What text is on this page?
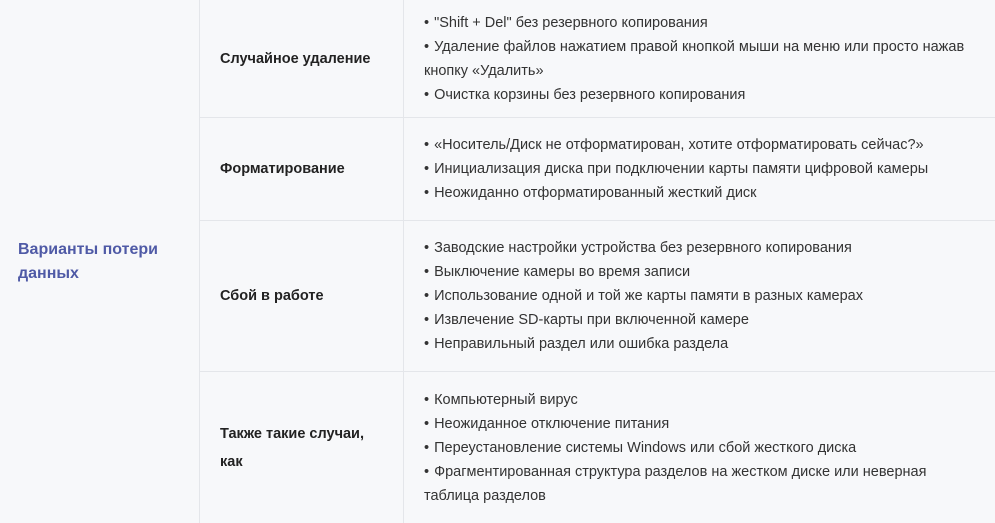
Варианты потери данных
Случайное удаление
• "Shift + Del" без резервного копирования
• Удаление файлов нажатием правой кнопкой мыши на меню или просто нажав кнопку «Удалить»
• Очистка корзины без резервного копирования
Форматирование
• «Носитель/Диск не отформатирован, хотите отформатировать сейчас?»
• Инициализация диска при подключении карты памяти цифровой камеры
• Неожиданно отформатированный жесткий диск
Сбой в работе
• Заводские настройки устройства без резервного копирования
• Выключение камеры во время записи
• Использование одной и той же карты памяти в разных камерах
• Извлечение SD-карты при включенной камере
• Неправильный раздел или ошибка раздела
Также такие случаи, как
• Компьютерный вирус
• Неожиданное отключение питания
• Переустановление системы Windows или сбой жесткого диска
• Фрагментированная структура разделов на жестком диске или неверная таблица разделов
